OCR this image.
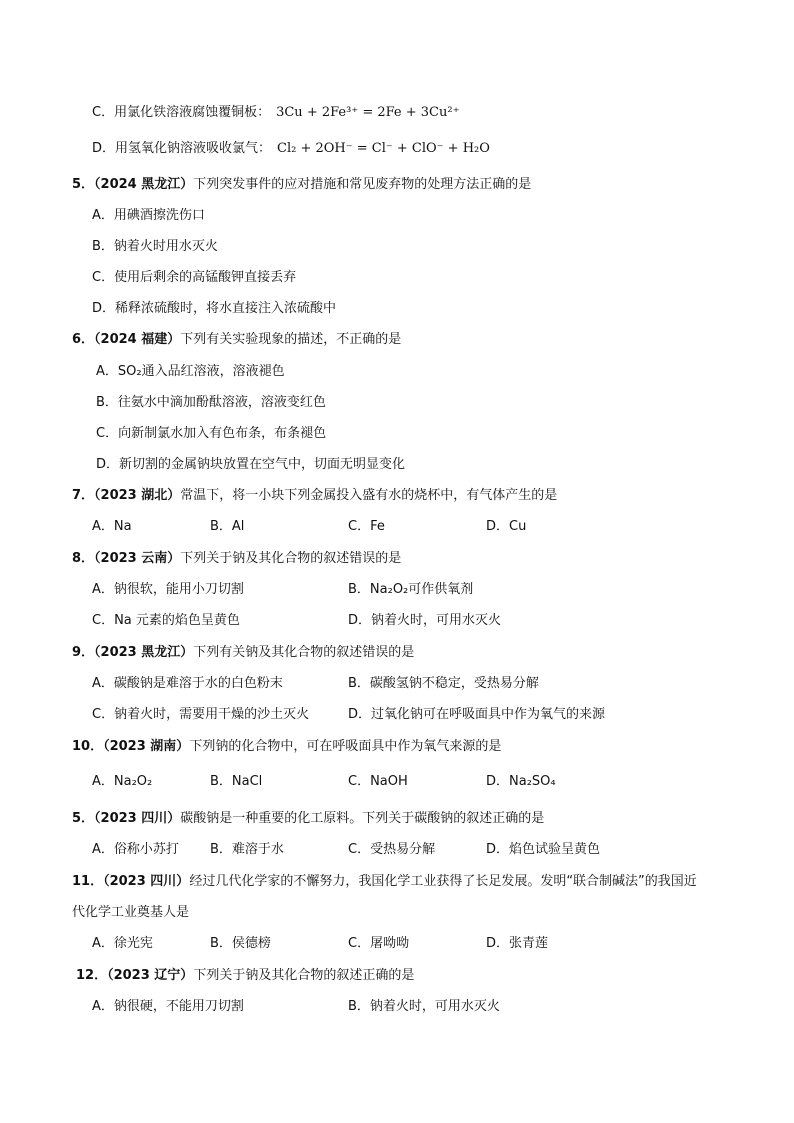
C．用氯化铁溶液腐蚀覆铜板： 3Cu + 2Fe³⁺ = 2Fe + 3Cu²⁺
D．用氢氧化钠溶液吸收氯气： Cl₂ + 2OH⁻ = Cl⁻ + ClO⁻ + H₂O
5．（2024 黑龙江）下列突发事件的应对措施和常见废弃物的处理方法正确的是
A．用碘酒擦洗伤口
B．钠着火时用水灭火
C．使用后剩余的高锰酸钾直接丢弃
D．稀释浓硫酸时，将水直接注入浓硫酸中
6．（2024 福建）下列有关实验现象的描述，不正确的是
A．SO₂通入品红溶液，溶液褪色
B．往氨水中滴加酚酞溶液，溶液变红色
C．向新制氯水加入有色布条，布条褪色
D．新切割的金属钠块放置在空气中，切面无明显变化
7．（2023 湖北）常温下，将一小块下列金属投入盛有水的烧杯中，有气体产生的是
A．Na	B．Al	C．Fe	D．Cu
8．（2023 云南）下列关于钠及其化合物的叙述错误的是
A．钠很软，能用小刀切割	B．Na₂O₂可作供氧剂
C．Na 元素的焰色呈黄色	D．钠着火时，可用水灭火
9．（2023 黑龙江）下列有关钠及其化合物的叙述错误的是
A．碳酸钠是难溶于水的白色粉末	B．碳酸氢钠不稳定，受热易分解
C．钠着火时，需要用干燥的沙土灭火	D．过氧化钠可在呼吸面具中作为氧气的来源
10．（2023 湖南）下列钠的化合物中，可在呼吸面具中作为氧气来源的是
A．Na₂O₂	B．NaCl	C．NaOH	D．Na₂SO₄
5．（2023 四川）碳酸钠是一种重要的化工原料。下列关于碳酸钠的叙述正确的是
A．俗称小苏打 B．难溶于水	C．受热易分解	D．焰色试验呈黄色
11．（2023 四川）经过几代化学家的不懈努力，我国化学工业获得了长足发展。发明“联合制碱法”的我国近
代化学工业奠基人是
A．徐光宪	B．侯德榜	C．屠呦呦	D．张青莲
12．（2023 辽宁）下列关于钠及其化合物的叙述正确的是
A．钠很硬，不能用刀切割	B．钠着火时，可用水灭火
